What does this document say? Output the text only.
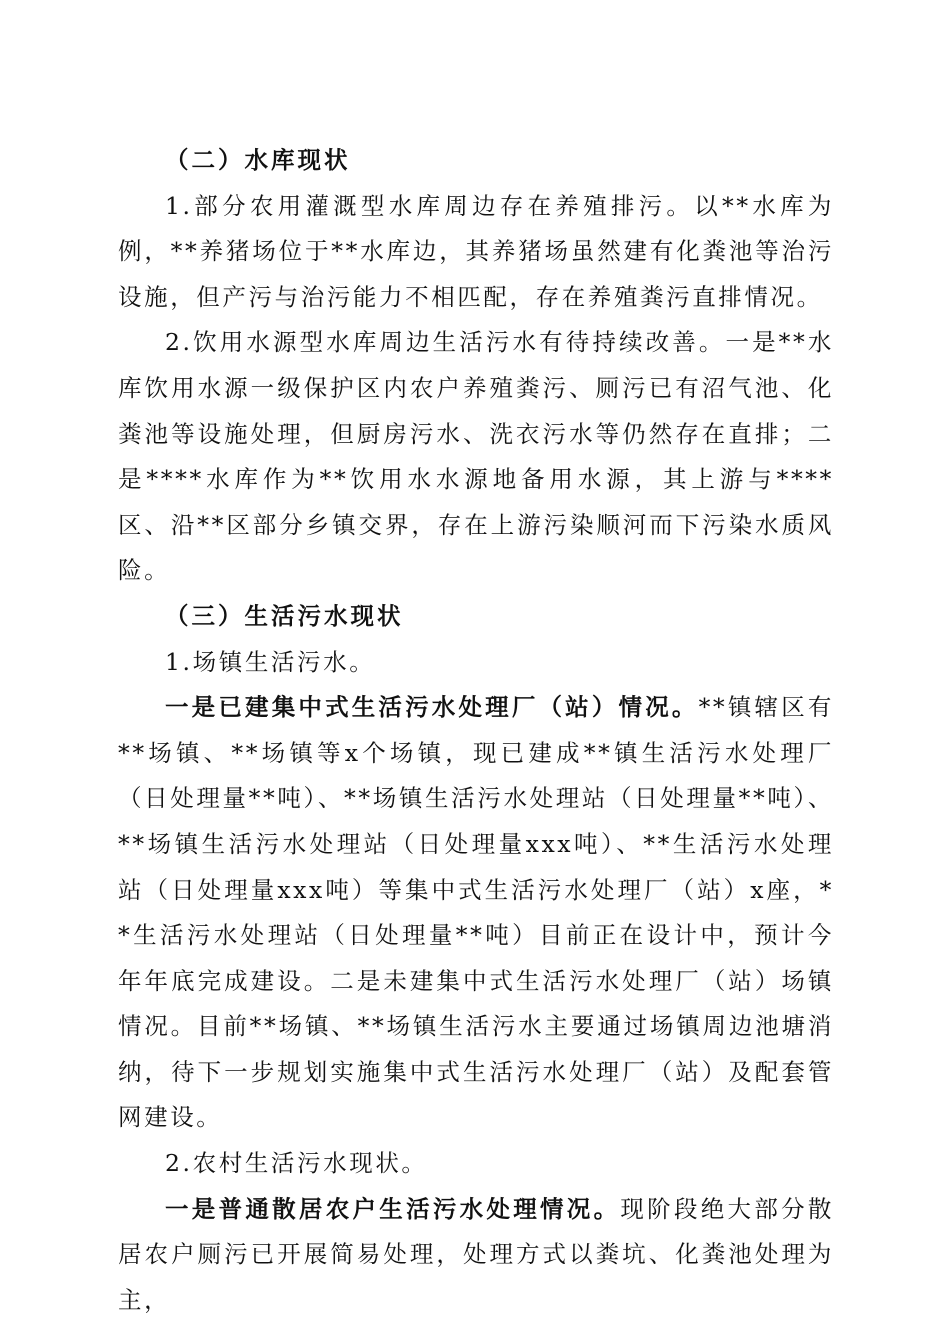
（二）水库现状

1.部分农用灌溉型水库周边存在养殖排污。以**水库为例，**养猪场位于**水库边，其养猪场虽然建有化粪池等治污设施，但产污与治污能力不相匹配，存在养殖粪污直排情况。

2.饮用水源型水库周边生活污水有待持续改善。一是**水库饮用水源一级保护区内农户养殖粪污、厕污已有沼气池、化粪池等设施处理，但厨房污水、洗衣污水等仍然存在直排；二是****水库作为**饮用水水源地备用水源，其上游与****区、沿**区部分乡镇交界，存在上游污染顺河而下污染水质风险。

（三）生活污水现状

1.场镇生活污水。

一是已建集中式生活污水处理厂（站）情况。**镇辖区有**场镇、**场镇等x个场镇，现已建成**镇生活污水处理厂（日处理量**吨）、**场镇生活污水处理站（日处理量**吨）、**场镇生活污水处理站（日处理量xxx吨）、**生活污水处理站（日处理量xxx吨）等集中式生活污水处理厂（站）x座，**生活污水处理站（日处理量**吨）目前正在设计中，预计今年年底完成建设。二是未建集中式生活污水处理厂（站）场镇情况。目前**场镇、**场镇生活污水主要通过场镇周边池塘消纳，待下一步规划实施集中式生活污水处理厂（站）及配套管网建设。

2.农村生活污水现状。

一是普通散居农户生活污水处理情况。现阶段绝大部分散居农户厕污已开展简易处理，处理方式以粪坑、化粪池处理为主，
